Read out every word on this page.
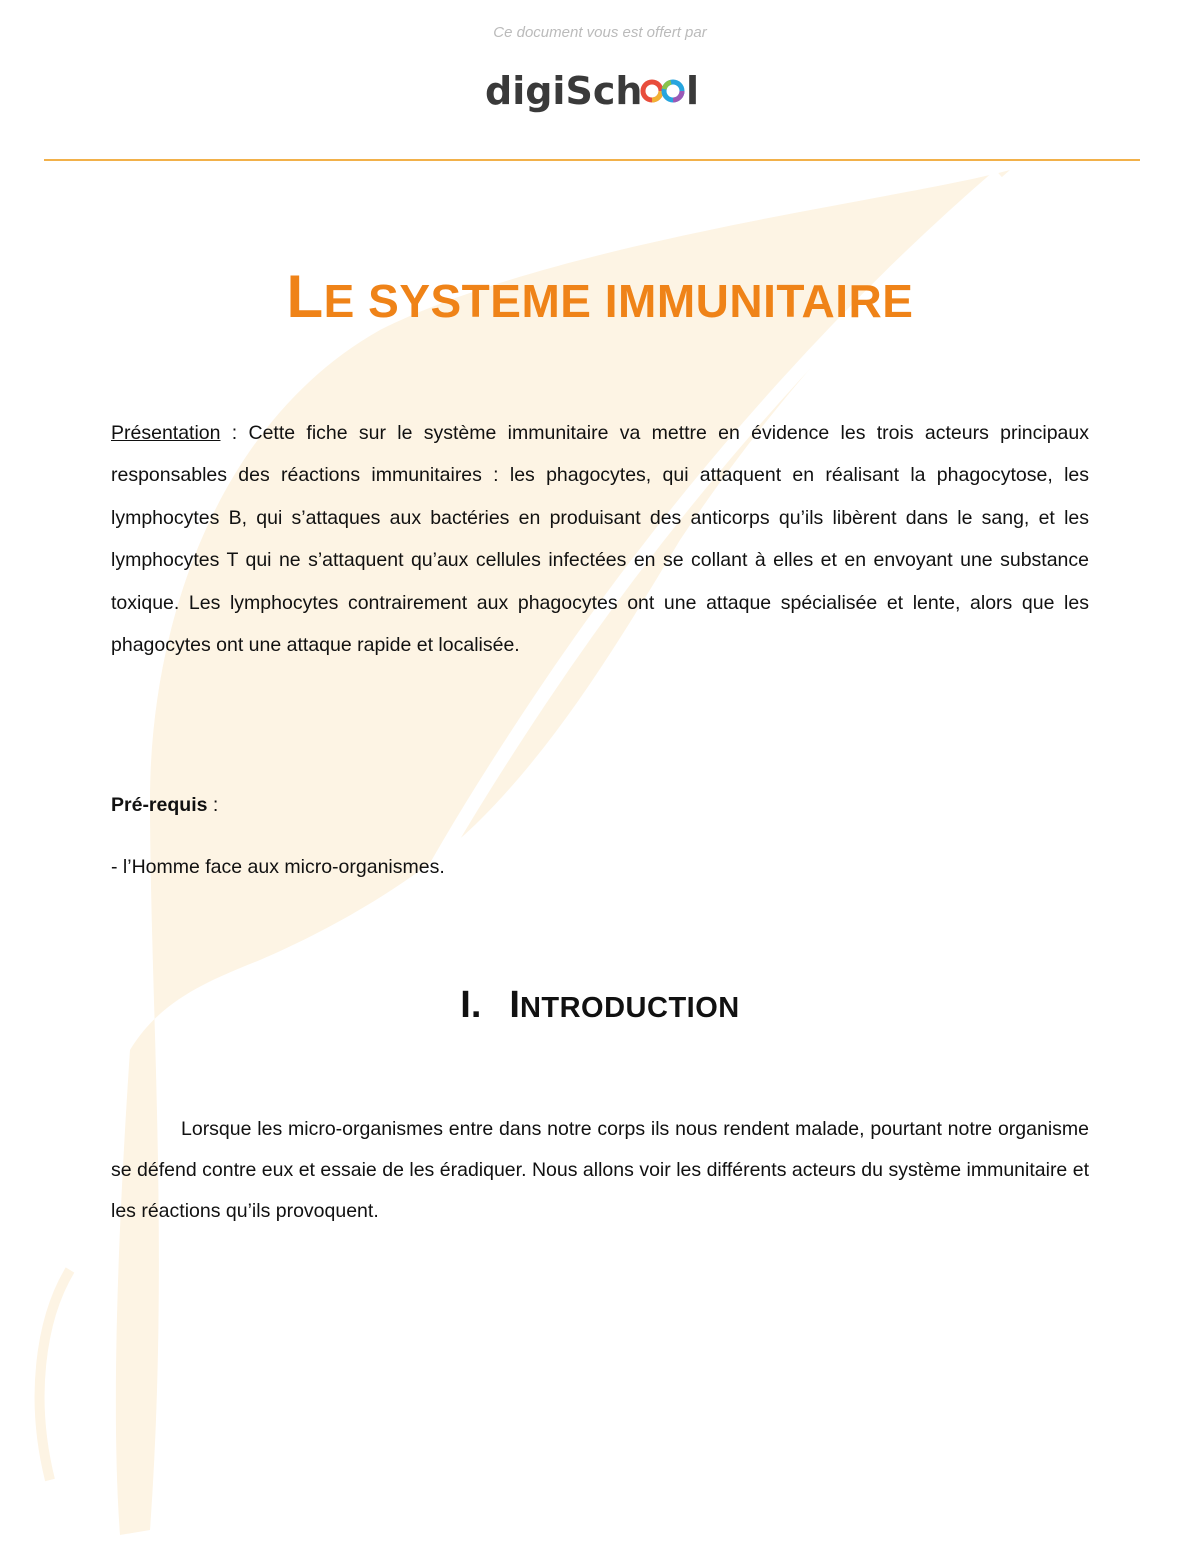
Ce document vous est offert par
digiSch l
LE SYSTEME IMMUNITAIRE

Présentation : Cette fiche sur le système immunitaire va mettre en évidence les trois acteurs principaux responsables des réactions immunitaires : les phagocytes, qui attaquent en réalisant la phagocytose, les lymphocytes B, qui s’attaques aux bactéries en produisant des anticorps qu’ils libèrent dans le sang, et les lymphocytes T qui ne s’attaquent qu’aux cellules infectées en se collant à elles et en envoyant une substance toxique. Les lymphocytes contrairement aux phagocytes ont une attaque spécialisée et lente, alors que les phagocytes ont une attaque rapide et localisée.

Pré-requis :

- l’Homme face aux micro-organismes.

I. INTRODUCTION

Lorsque les micro-organismes entre dans notre corps ils nous rendent malade, pourtant notre organisme se défend contre eux et essaie de les éradiquer. Nous allons voir les différents acteurs du système immunitaire et les réactions qu’ils provoquent.
